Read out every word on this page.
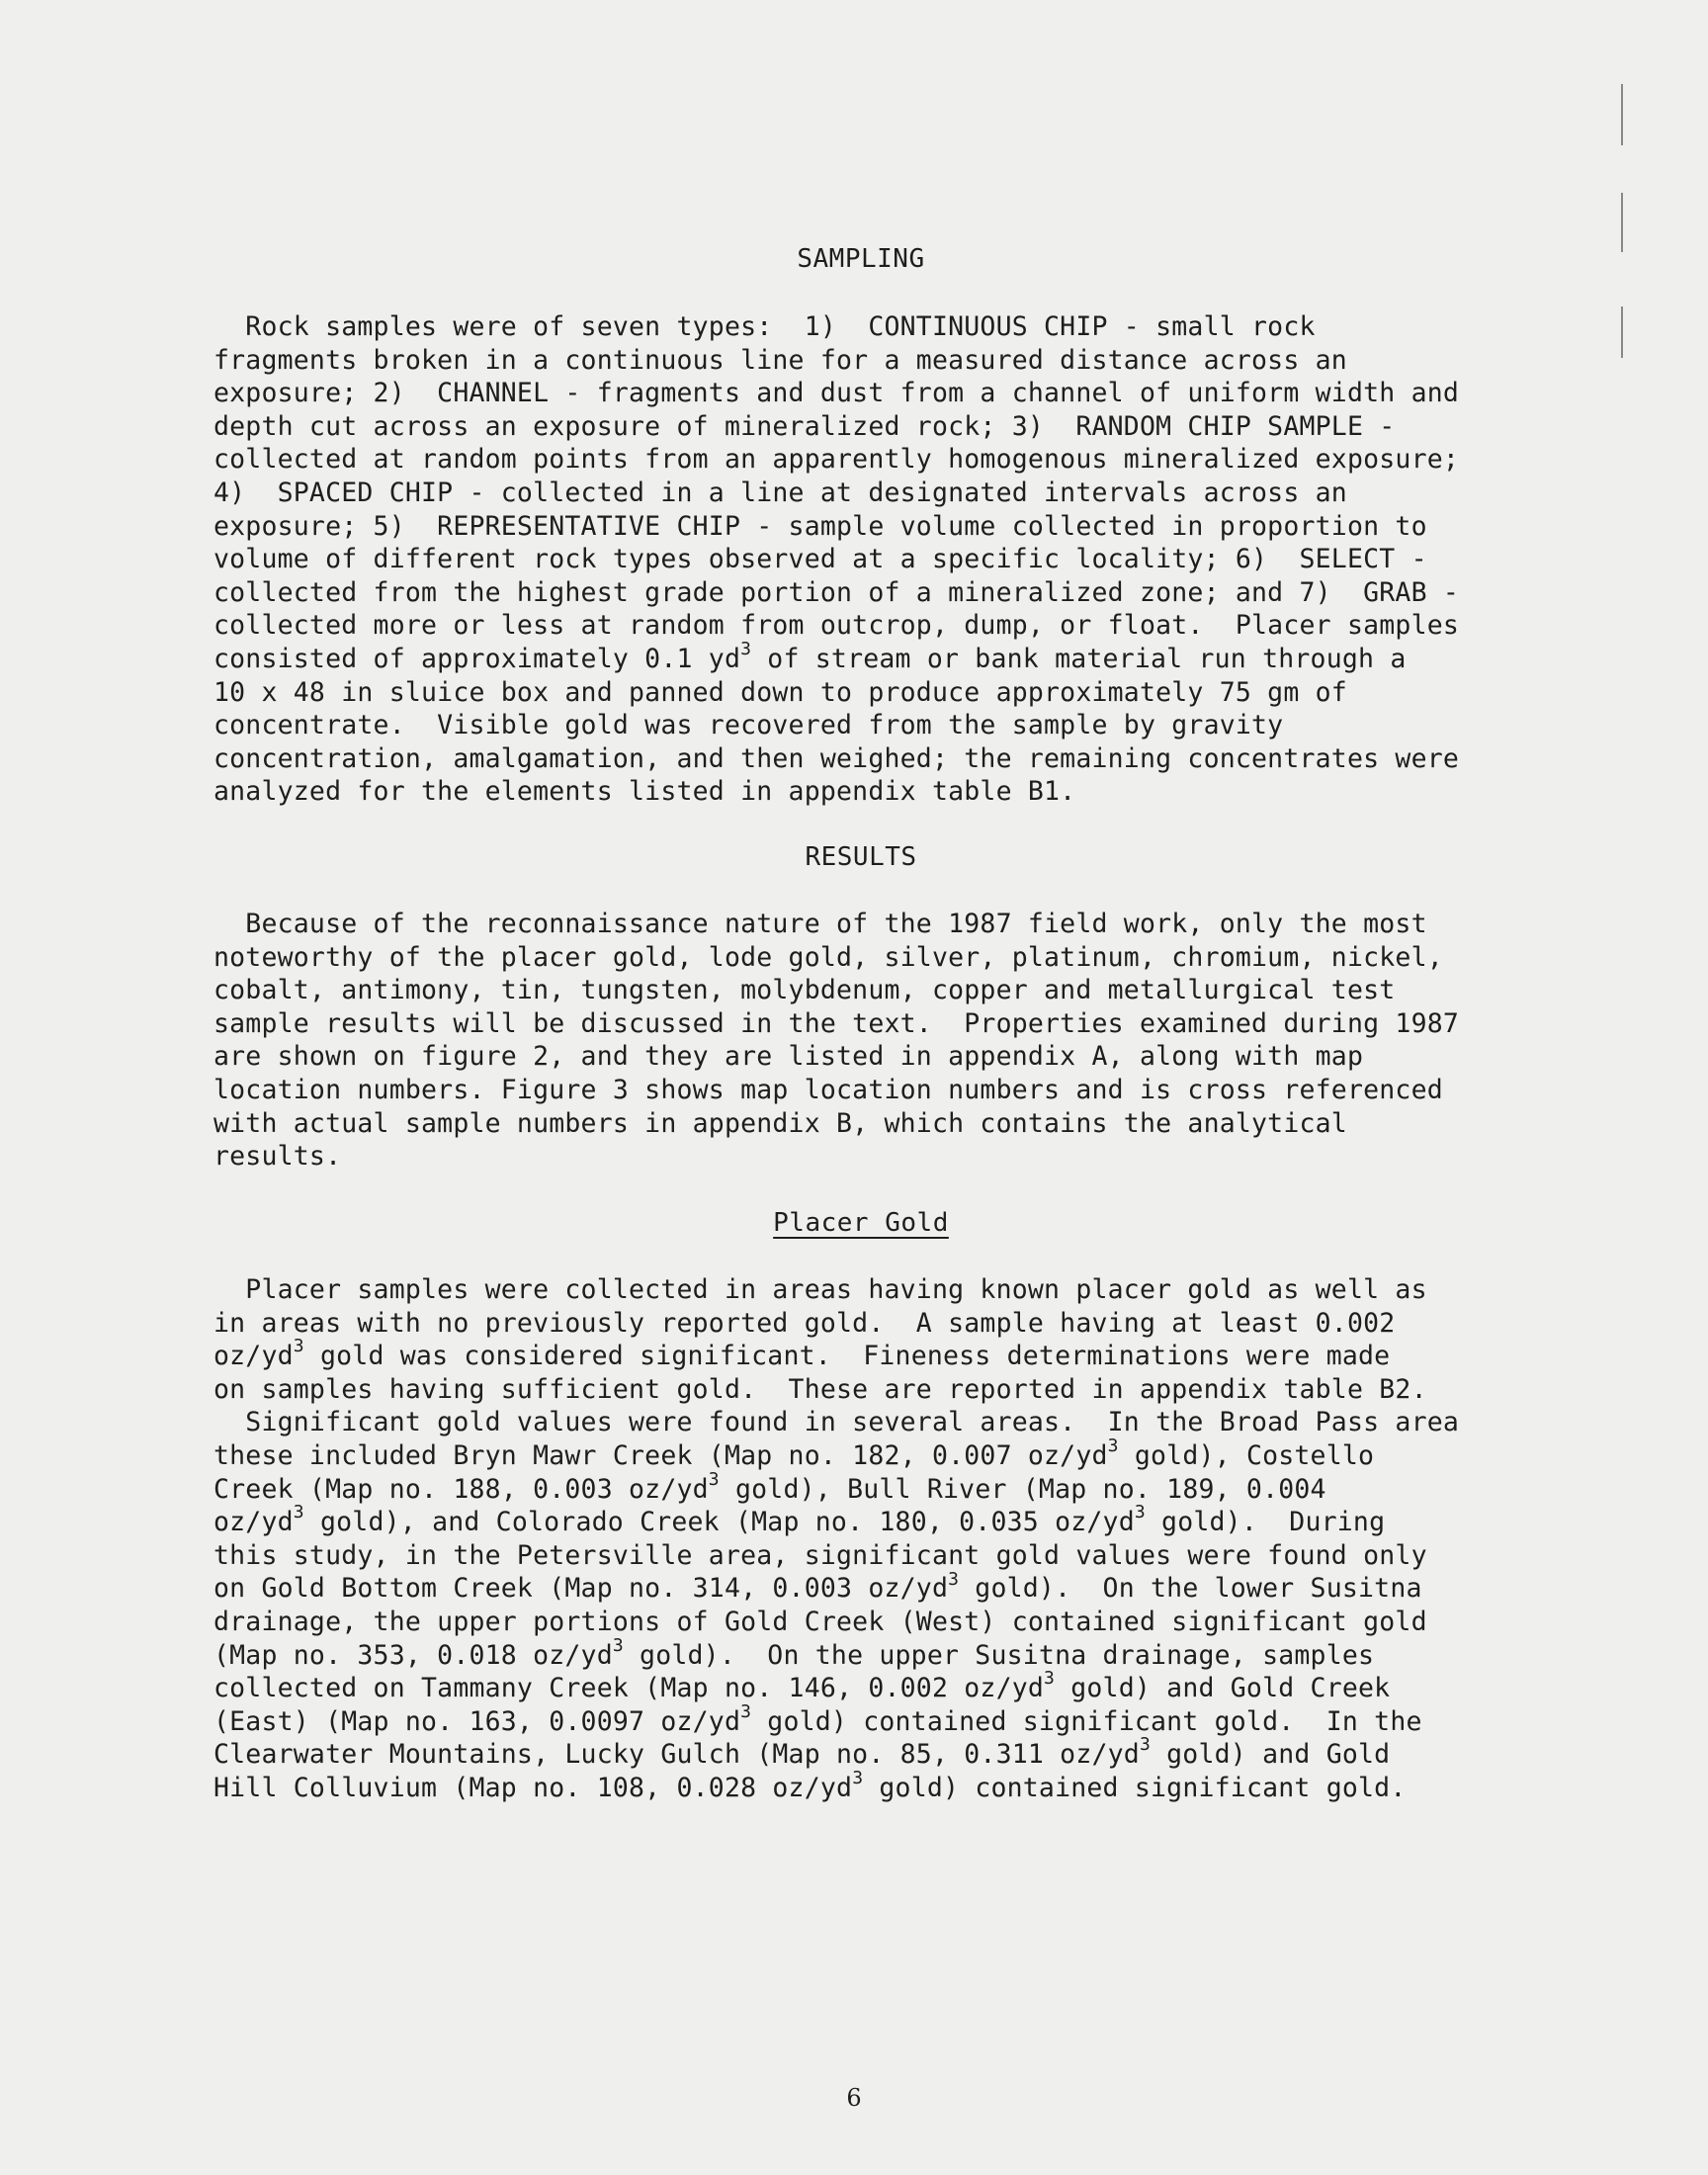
SAMPLING
Rock samples were of seven types:  1)  CONTINUOUS CHIP - small rock
fragments broken in a continuous line for a measured distance across an
exposure; 2)  CHANNEL - fragments and dust from a channel of uniform width and
depth cut across an exposure of mineralized rock; 3)  RANDOM CHIP SAMPLE -
collected at random points from an apparently homogenous mineralized exposure;
4)  SPACED CHIP - collected in a line at designated intervals across an
exposure; 5)  REPRESENTATIVE CHIP - sample volume collected in proportion to
volume of different rock types observed at a specific locality; 6)  SELECT -
collected from the highest grade portion of a mineralized zone; and 7)  GRAB -
collected more or less at random from outcrop, dump, or float.  Placer samples
consisted of approximately 0.1 $yd^3$ of stream or bank material run through a
10 x 48 in sluice box and panned down to produce approximately 75 gm of
concentrate.  Visible gold was recovered from the sample by gravity
concentration, amalgamation, and then weighed; the remaining concentrates were
analyzed for the elements listed in appendix table B1.
RESULTS
Because of the reconnaissance nature of the 1987 field work, only the most
noteworthy of the placer gold, lode gold, silver, platinum, chromium, nickel,
cobalt, antimony, tin, tungsten, molybdenum, copper and metallurgical test
sample results will be discussed in the text.  Properties examined during 1987
are shown on figure 2, and they are listed in appendix A, along with map
location numbers. Figure 3 shows map location numbers and is cross referenced
with actual sample numbers in appendix B, which contains the analytical
results.
Placer Gold
Placer samples were collected in areas having known placer gold as well as
in areas with no previously reported gold.  A sample having at least 0.002
$oz/yd^3$ gold was considered significant.  Fineness determinations were made
on samples having sufficient gold.  These are reported in appendix table B2.
Significant gold values were found in several areas.  In the Broad Pass area
these included Bryn Mawr Creek (Map no. 182, 0.007 $oz/yd^3$ gold), Costello
Creek (Map no. 188, 0.003 $oz/yd^3$ gold), Bull River (Map no. 189, 0.004
$oz/yd^3$ gold), and Colorado Creek (Map no. 180, 0.035 $oz/yd^3$ gold).  During
this study, in the Petersville area, significant gold values were found only
on Gold Bottom Creek (Map no. 314, 0.003 $oz/yd^3$ gold).  On the lower Susitna
drainage, the upper portions of Gold Creek (West) contained significant gold
(Map no. 353, 0.018 $oz/yd^3$ gold).  On the upper Susitna drainage, samples
collected on Tammany Creek (Map no. 146, 0.002 $oz/yd^3$ gold) and Gold Creek
(East) (Map no. 163, 0.0097 $oz/yd^3$ gold) contained significant gold.  In the
Clearwater Mountains, Lucky Gulch (Map no. 85, 0.311 $oz/yd^3$ gold) and Gold
Hill Colluvium (Map no. 108, 0.028 $oz/yd^3$ gold) contained significant gold.
6
